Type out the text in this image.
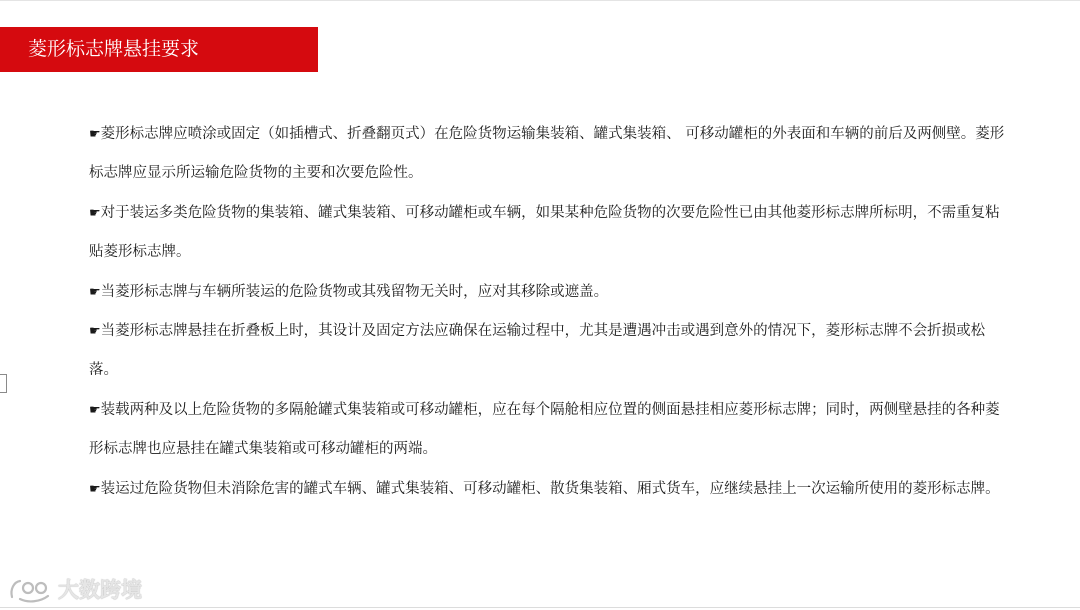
菱形标志牌悬挂要求

☛菱形标志牌应喷涂或固定（如插槽式、折叠翻页式）在危险货物运输集装箱、罐式集装箱、 可移动罐柜的外表面和车辆的前后及两侧壁。菱形标志牌应显示所运输危险货物的主要和次要危险性。

☛对于装运多类危险货物的集装箱、罐式集装箱、可移动罐柜或车辆，如果某种危险货物的次要危险性已由其他菱形标志牌所标明，不需重复粘贴菱形标志牌。

☛当菱形标志牌与车辆所装运的危险货物或其残留物无关时，应对其移除或遮盖。

☛当菱形标志牌悬挂在折叠板上时，其设计及固定方法应确保在运输过程中，尤其是遭遇冲击或遇到意外的情况下，菱形标志牌不会折损或松落。

☛装载两种及以上危险货物的多隔舱罐式集装箱或可移动罐柜，应在每个隔舱相应位置的侧面悬挂相应菱形标志牌；同时，两侧壁悬挂的各种菱形标志牌也应悬挂在罐式集装箱或可移动罐柜的两端。

☛装运过危险货物但未消除危害的罐式车辆、罐式集装箱、可移动罐柜、散货集装箱、厢式货车，应继续悬挂上一次运输所使用的菱形标志牌。

大数跨境
